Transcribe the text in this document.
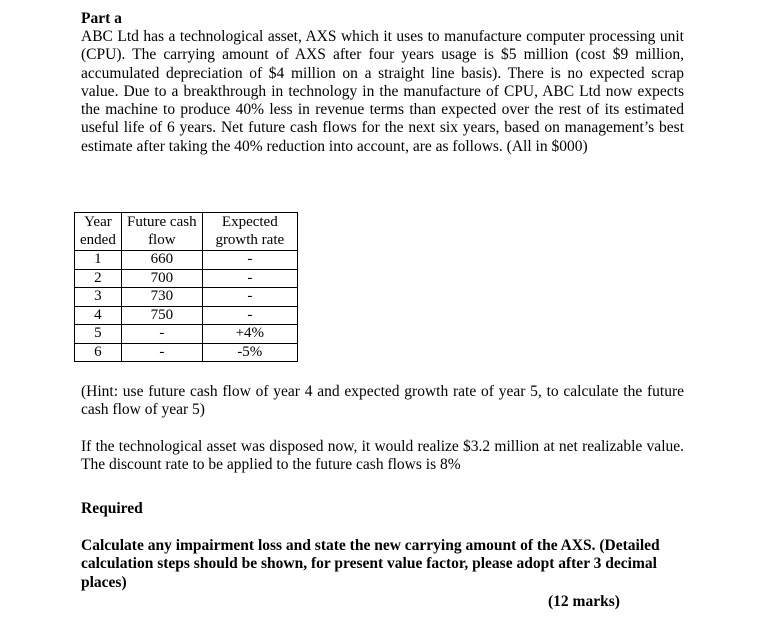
Part a

ABC Ltd has a technological asset, AXS which it uses to manufacture computer processing unit (CPU). The carrying amount of AXS after four years usage is $5 million (cost $9 million, accumulated depreciation of $4 million on a straight line basis). There is no expected scrap value. Due to a breakthrough in technology in the manufacture of CPU, ABC Ltd now expects the machine to produce 40% less in revenue terms than expected over the rest of its estimated useful life of 6 years. Net future cash flows for the next six years, based on management’s best estimate after taking the 40% reduction into account, are as follows. (All in $000)

Year ended	Future cash flow	Expected growth rate
1	660	-
2	700	-
3	730	-
4	750	-
5	-	+4%
6	-	-5%

(Hint: use future cash flow of year 4 and expected growth rate of year 5, to calculate the future cash flow of year 5)

If the technological asset was disposed now, it would realize $3.2 million at net realizable value. The discount rate to be applied to the future cash flows is 8%

Required
Calculate any impairment loss and state the new carrying amount of the AXS. (Detailed calculation steps should be shown, for present value factor, please adopt after 3 decimal places)
(12 marks)
